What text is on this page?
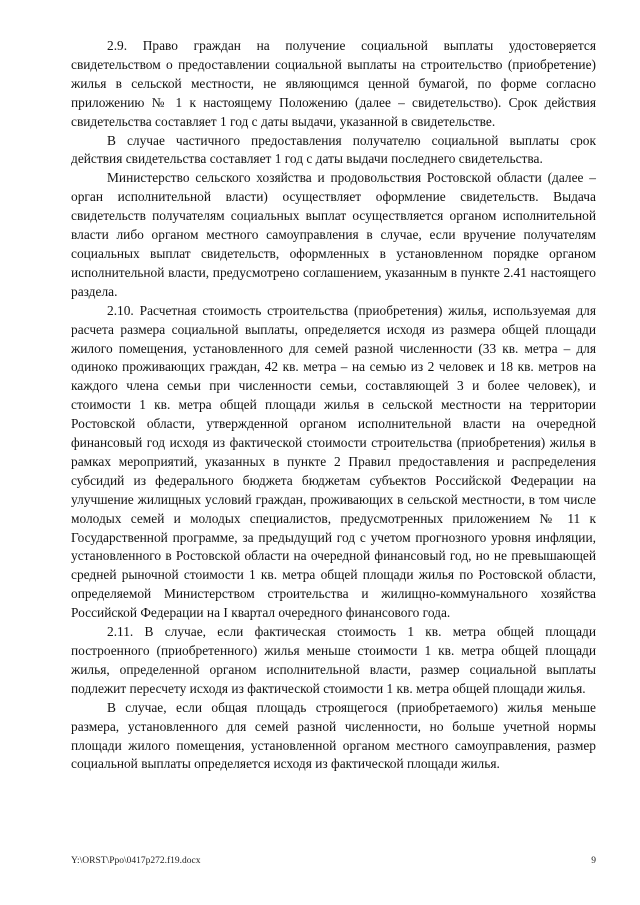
2.9. Право граждан на получение социальной выплаты удостоверяется свидетельством о предоставлении социальной выплаты на строительство (приобретение) жилья в сельской местности, не являющимся ценной бумагой, по форме согласно приложению № 1 к настоящему Положению (далее – свидетельство). Срок действия свидетельства составляет 1 год с даты выдачи, указанной в свидетельстве.

В случае частичного предоставления получателю социальной выплаты срок действия свидетельства составляет 1 год с даты выдачи последнего свидетельства.

Министерство сельского хозяйства и продовольствия Ростовской области (далее – орган исполнительной власти) осуществляет оформление свидетельств. Выдача свидетельств получателям социальных выплат осуществляется органом исполнительной власти либо органом местного самоуправления в случае, если вручение получателям социальных выплат свидетельств, оформленных в установленном порядке органом исполнительной власти, предусмотрено соглашением, указанным в пункте 2.41 настоящего раздела.

2.10. Расчетная стоимость строительства (приобретения) жилья, используемая для расчета размера социальной выплаты, определяется исходя из размера общей площади жилого помещения, установленного для семей разной численности (33 кв. метра – для одиноко проживающих граждан, 42 кв. метра – на семью из 2 человек и 18 кв. метров на каждого члена семьи при численности семьи, составляющей 3 и более человек), и стоимости 1 кв. метра общей площади жилья в сельской местности на территории Ростовской области, утвержденной органом исполнительной власти на очередной финансовый год исходя из фактической стоимости строительства (приобретения) жилья в рамках мероприятий, указанных в пункте 2 Правил предоставления и распределения субсидий из федерального бюджета бюджетам субъектов Российской Федерации на улучшение жилищных условий граждан, проживающих в сельской местности, в том числе молодых семей и молодых специалистов, предусмотренных приложением № 11 к Государственной программе, за предыдущий год с учетом прогнозного уровня инфляции, установленного в Ростовской области на очередной финансовый год, но не превышающей средней рыночной стоимости 1 кв. метра общей площади жилья по Ростовской области, определяемой Министерством строительства и жилищно-коммунального хозяйства Российской Федерации на I квартал очередного финансового года.

2.11. В случае, если фактическая стоимость 1 кв. метра общей площади построенного (приобретенного) жилья меньше стоимости 1 кв. метра общей площади жилья, определенной органом исполнительной власти, размер социальной выплаты подлежит пересчету исходя из фактической стоимости 1 кв. метра общей площади жилья.

В случае, если общая площадь строящегося (приобретаемого) жилья меньше размера, установленного для семей разной численности, но больше учетной нормы площади жилого помещения, установленной органом местного самоуправления, размер социальной выплаты определяется исходя из фактической площади жилья.

Y:\ORST\Ppo\0417p272.f19.docx	9
